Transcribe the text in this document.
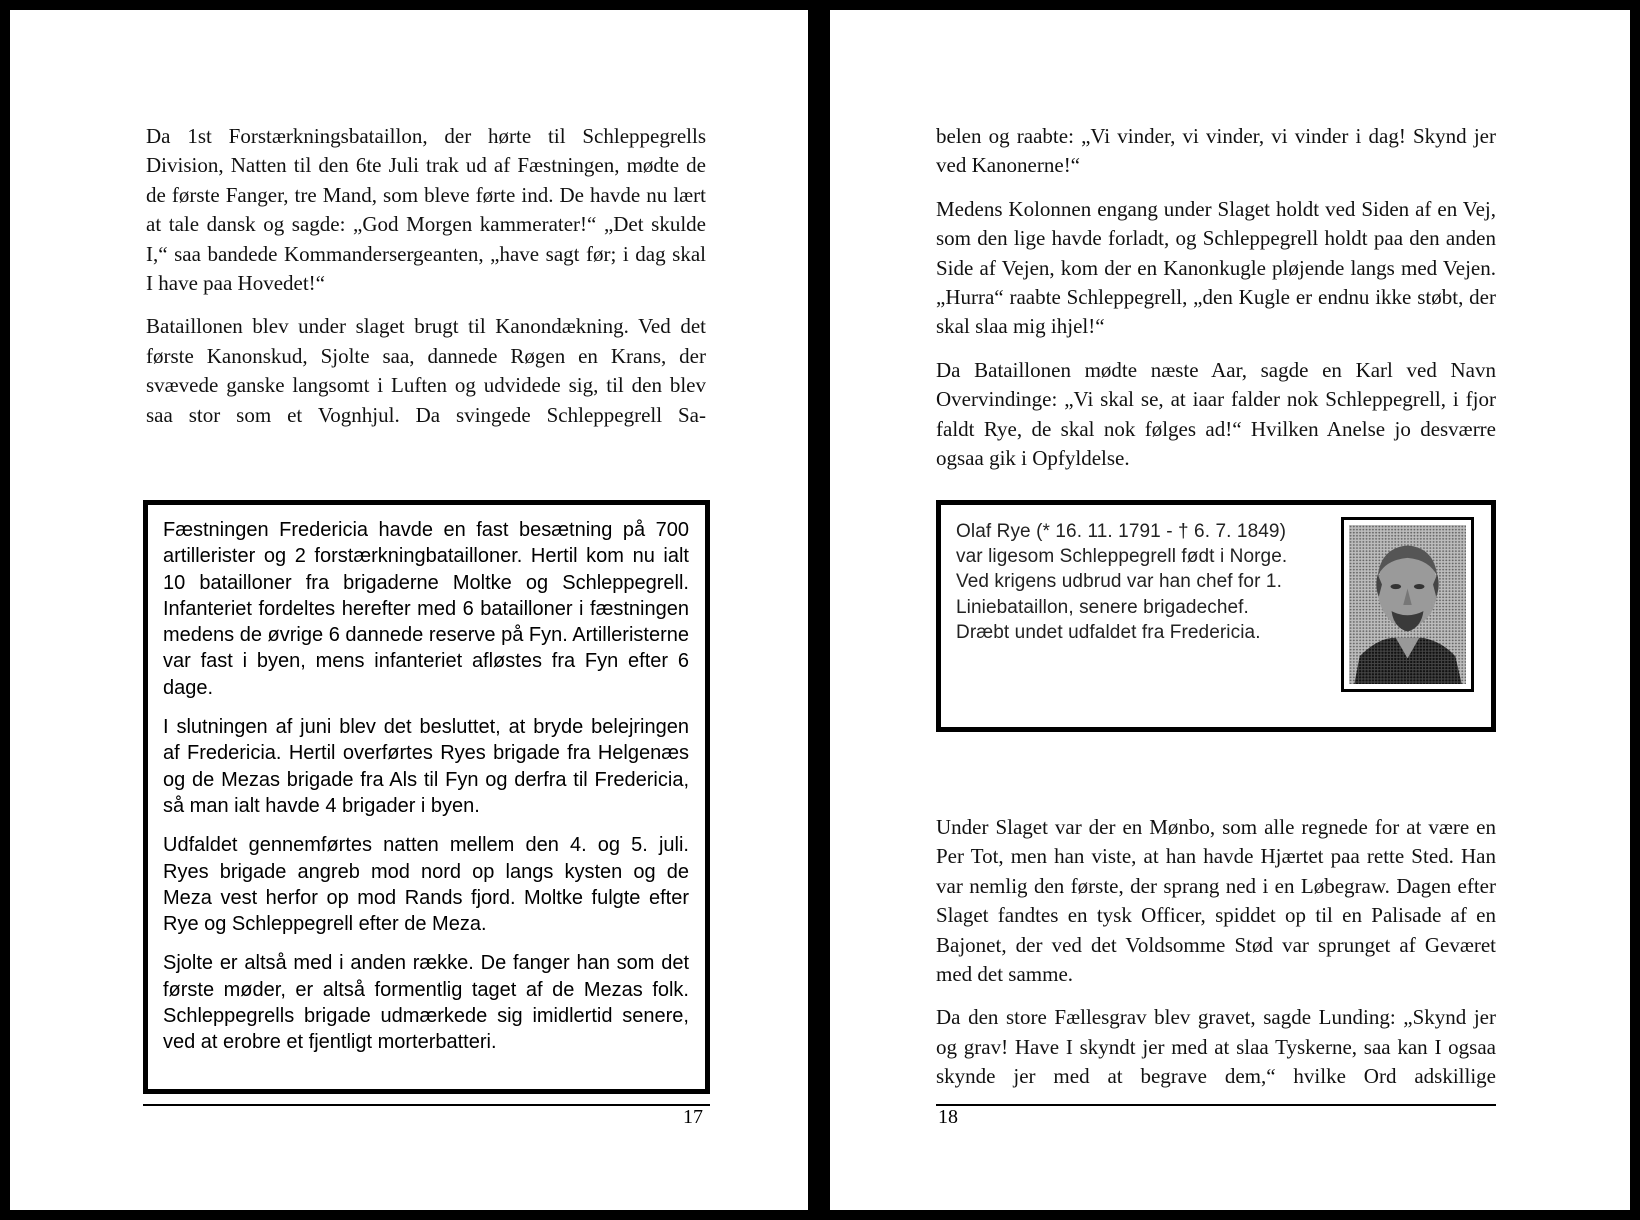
Da 1st Forstærkningsbataillon, der hørte til Schleppegrells Division, Natten til den 6te Juli trak ud af Fæstningen, mødte de de første Fanger, tre Mand, som bleve førte ind. De havde nu lært at tale dansk og sagde: „God Morgen kammerater!“ „Det skulde I,“ saa bandede Kommandersergeanten, „have sagt før; i dag skal I have paa Hovedet!“

Bataillonen blev under slaget brugt til Kanondækning. Ved det første Kanonskud, Sjolte saa, dannede Røgen en Krans, der svævede ganske langsomt i Luften og udvidede sig, til den blev saa stor som et Vognhjul. Da svingede Schleppegrell Sa-

Fæstningen Fredericia havde en fast besætning på 700 artillerister og 2 forstærkningbatailloner. Hertil kom nu ialt 10 batailloner fra brigaderne Moltke og Schleppegrell. Infanteriet fordeltes herefter med 6 batailloner i fæstningen medens de øvrige 6 dannede reserve på Fyn. Artilleristerne var fast i byen, mens infanteriet afløstes fra Fyn efter 6 dage.

I slutningen af juni blev det besluttet, at bryde belejringen af Fredericia. Hertil overførtes Ryes brigade fra Helgenæs og de Mezas brigade fra Als til Fyn og derfra til Fredericia, så man ialt havde 4 brigader i byen.

Udfaldet gennemførtes natten mellem den 4. og 5. juli. Ryes brigade angreb mod nord op langs kysten og de Meza vest herfor op mod Rands fjord. Moltke fulgte efter Rye og Schleppegrell efter de Meza.

Sjolte er altså med i anden række. De fanger han som det første møder, er altså formentlig taget af de Mezas folk. Schleppegrells brigade udmærkede sig imidlertid senere, ved at erobre et fjentligt morterbatteri.

17

belen og raabte: „Vi vinder, vi vinder, vi vinder i dag! Skynd jer ved Kanonerne!“

Medens Kolonnen engang under Slaget holdt ved Siden af en Vej, som den lige havde forladt, og Schleppegrell holdt paa den anden Side af Vejen, kom der en Kanonkugle pløjende langs med Vejen. „Hurra“ raabte Schleppegrell, „den Kugle er endnu ikke støbt, der skal slaa mig ihjel!“

Da Bataillonen mødte næste Aar, sagde en Karl ved Navn Overvindinge: „Vi skal se, at iaar falder nok Schleppegrell, i fjor faldt Rye, de skal nok følges ad!“ Hvilken Anelse jo desværre ogsaa gik i Opfyldelse.

Olaf Rye (* 16. 11. 1791 - † 6. 7. 1849) var ligesom Schleppegrell født i Norge. Ved krigens udbrud var han chef for 1. Liniebataillon, senere brigadechef. Dræbt undet udfaldet fra Fredericia.

Under Slaget var der en Mønbo, som alle regnede for at være en Per Tot, men han viste, at han havde Hjærtet paa rette Sted. Han var nemlig den første, der sprang ned i en Løbegraw. Dagen efter Slaget fandtes en tysk Officer, spiddet op til en Palisade af en Bajonet, der ved det Voldsomme Stød var sprunget af Geværet med det samme.

Da den store Fællesgrav blev gravet, sagde Lunding: „Skynd jer og grav! Have I skyndt jer med at slaa Tyskerne, saa kan I ogsaa skynde jer med at begrave dem,“ hvilke Ord adskillige

18
